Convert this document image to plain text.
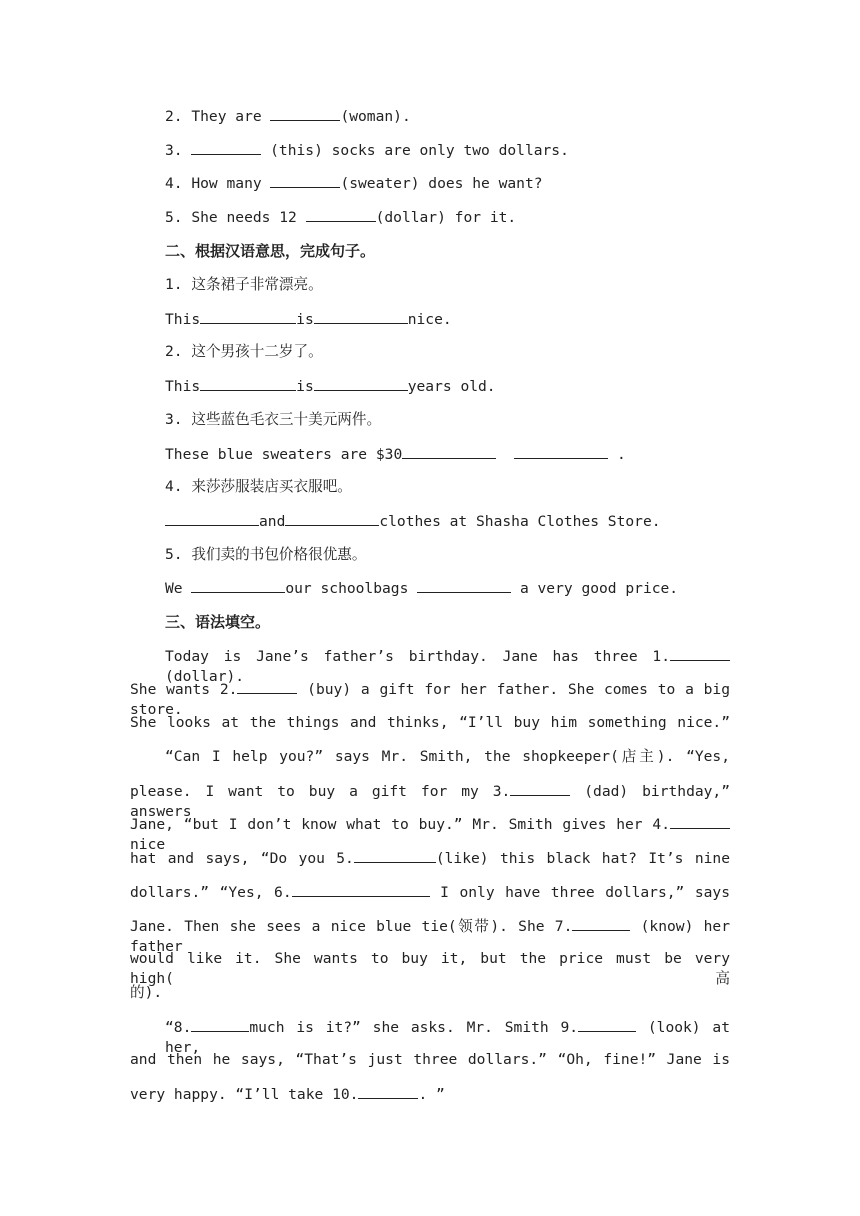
2. They are	(woman).
3.	(this) socks are only two dollars.
4. How many	(sweater) does he want?
5. She needs 12	(dollar) for it.
二、根据汉语意思，完成句子。
1. 这条裙子非常漂亮。
This	is	nice.
2. 这个男孩十二岁了。
This	is	years old.
3. 这些蓝色毛衣三十美元两件。
These blue sweaters are $30	.
4. 来莎莎服装店买衣服吧。
and	clothes at Shasha Clothes Store.
5. 我们卖的书包价格很优惠。
We	our schoolbags	a very good price.
三、语法填空。
Today is Jane’s father’s birthday. Jane has three 1.(dollar).
She wants 2.	(buy) a gift for her father. She comes to a big store.
She looks at the things and thinks, “I’ll buy him something nice.”
“Can I help you?” says Mr. Smith, the shopkeeper(店主). “Yes,
please. I want to buy a gift for my 3.	(dad) birthday,” answers
Jane, “but I don’t know what to buy.” Mr. Smith gives her 4.nice
hat and says, “Do you 5.	(like) this black hat? It’s nine
dollars.” “Yes, 6.	I only have three dollars,” says
Jane. Then she sees a nice blue tie(领带). She 7.	(know) her father
would like it. She wants to buy it, but the price must be very high(高
的).
“8.	much is it?” she asks. Mr. Smith 9.	(look) at her,
and then he says, “That’s just three dollars.” “Oh, fine!” Jane is
very happy. “I’ll take 10.	. ”
